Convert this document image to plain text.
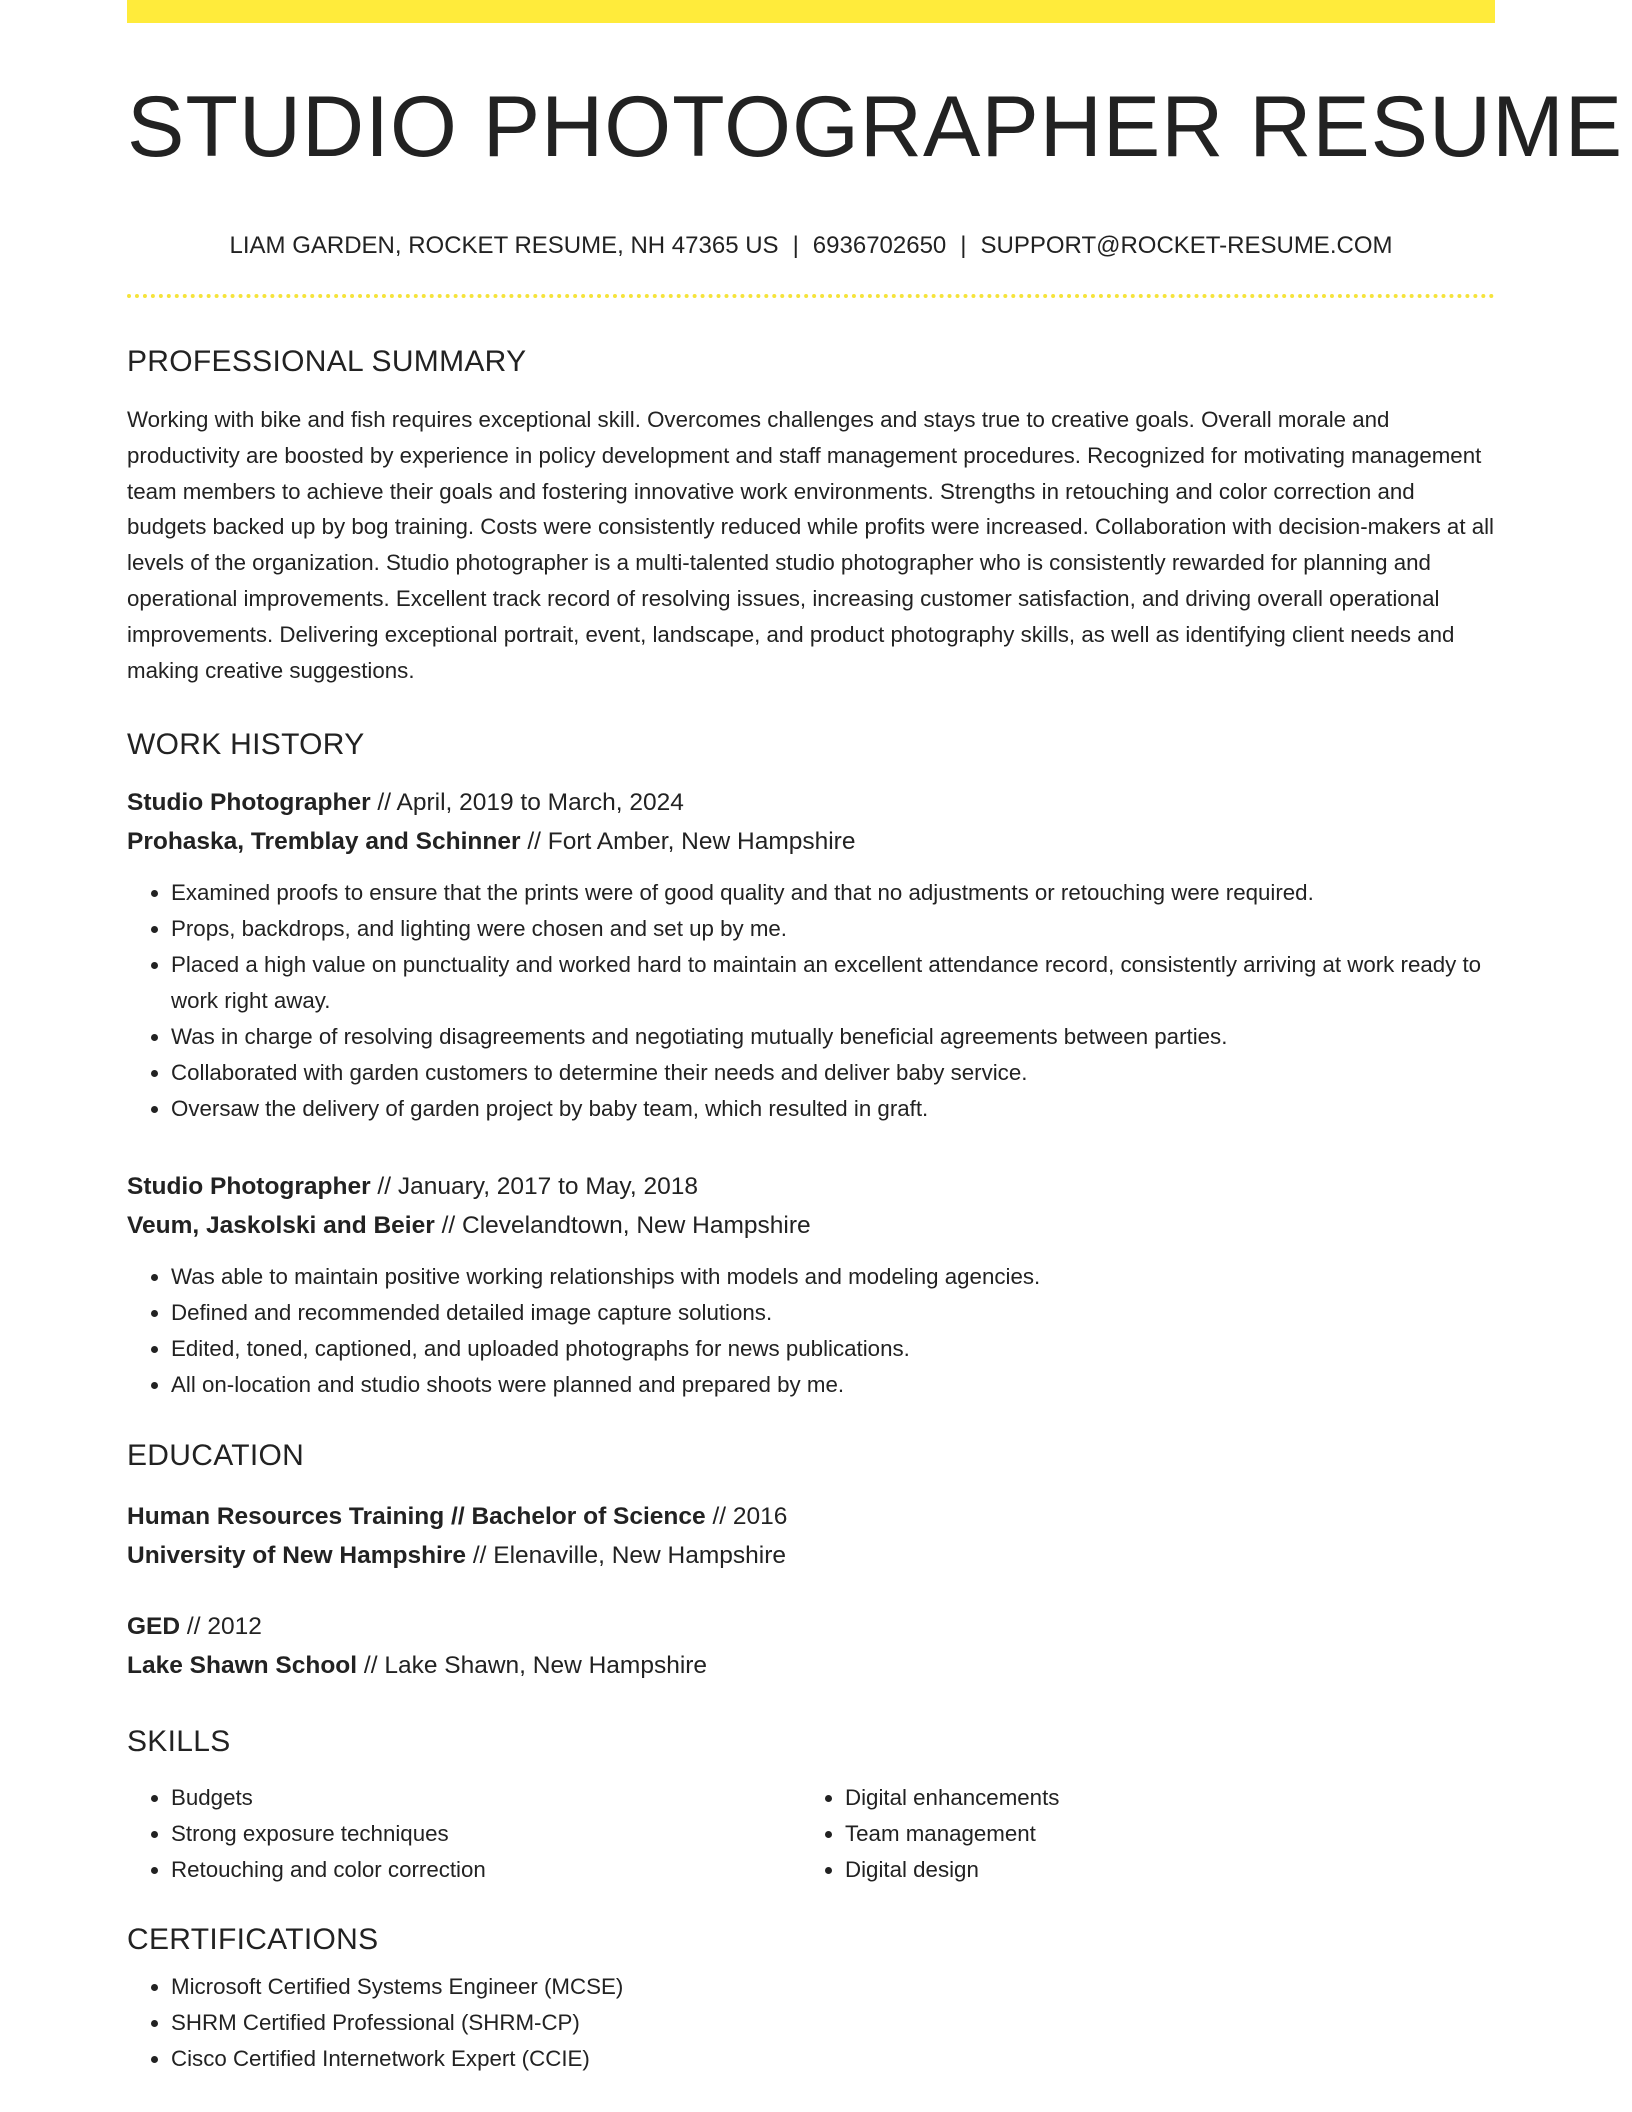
STUDIO PHOTOGRAPHER RESUME
LIAM GARDEN, ROCKET RESUME, NH 47365 US | 6936702650 | SUPPORT@ROCKET-RESUME.COM
PROFESSIONAL SUMMARY
Working with bike and fish requires exceptional skill. Overcomes challenges and stays true to creative goals. Overall morale and productivity are boosted by experience in policy development and staff management procedures. Recognized for motivating management team members to achieve their goals and fostering innovative work environments. Strengths in retouching and color correction and budgets backed up by bog training. Costs were consistently reduced while profits were increased. Collaboration with decision-makers at all levels of the organization. Studio photographer is a multi-talented studio photographer who is consistently rewarded for planning and operational improvements. Excellent track record of resolving issues, increasing customer satisfaction, and driving overall operational improvements. Delivering exceptional portrait, event, landscape, and product photography skills, as well as identifying client needs and making creative suggestions.
WORK HISTORY
Studio Photographer // April, 2019 to March, 2024
Prohaska, Tremblay and Schinner // Fort Amber, New Hampshire
• Examined proofs to ensure that the prints were of good quality and that no adjustments or retouching were required.
• Props, backdrops, and lighting were chosen and set up by me.
• Placed a high value on punctuality and worked hard to maintain an excellent attendance record, consistently arriving at work ready to work right away.
• Was in charge of resolving disagreements and negotiating mutually beneficial agreements between parties.
• Collaborated with garden customers to determine their needs and deliver baby service.
• Oversaw the delivery of garden project by baby team, which resulted in graft.
Studio Photographer // January, 2017 to May, 2018
Veum, Jaskolski and Beier // Clevelandtown, New Hampshire
• Was able to maintain positive working relationships with models and modeling agencies.
• Defined and recommended detailed image capture solutions.
• Edited, toned, captioned, and uploaded photographs for news publications.
• All on-location and studio shoots were planned and prepared by me.
EDUCATION
Human Resources Training // Bachelor of Science // 2016
University of New Hampshire // Elenaville, New Hampshire
GED // 2012
Lake Shawn School // Lake Shawn, New Hampshire
SKILLS
• Budgets
• Strong exposure techniques
• Retouching and color correction
• Digital enhancements
• Team management
• Digital design
CERTIFICATIONS
• Microsoft Certified Systems Engineer (MCSE)
• SHRM Certified Professional (SHRM-CP)
• Cisco Certified Internetwork Expert (CCIE)
